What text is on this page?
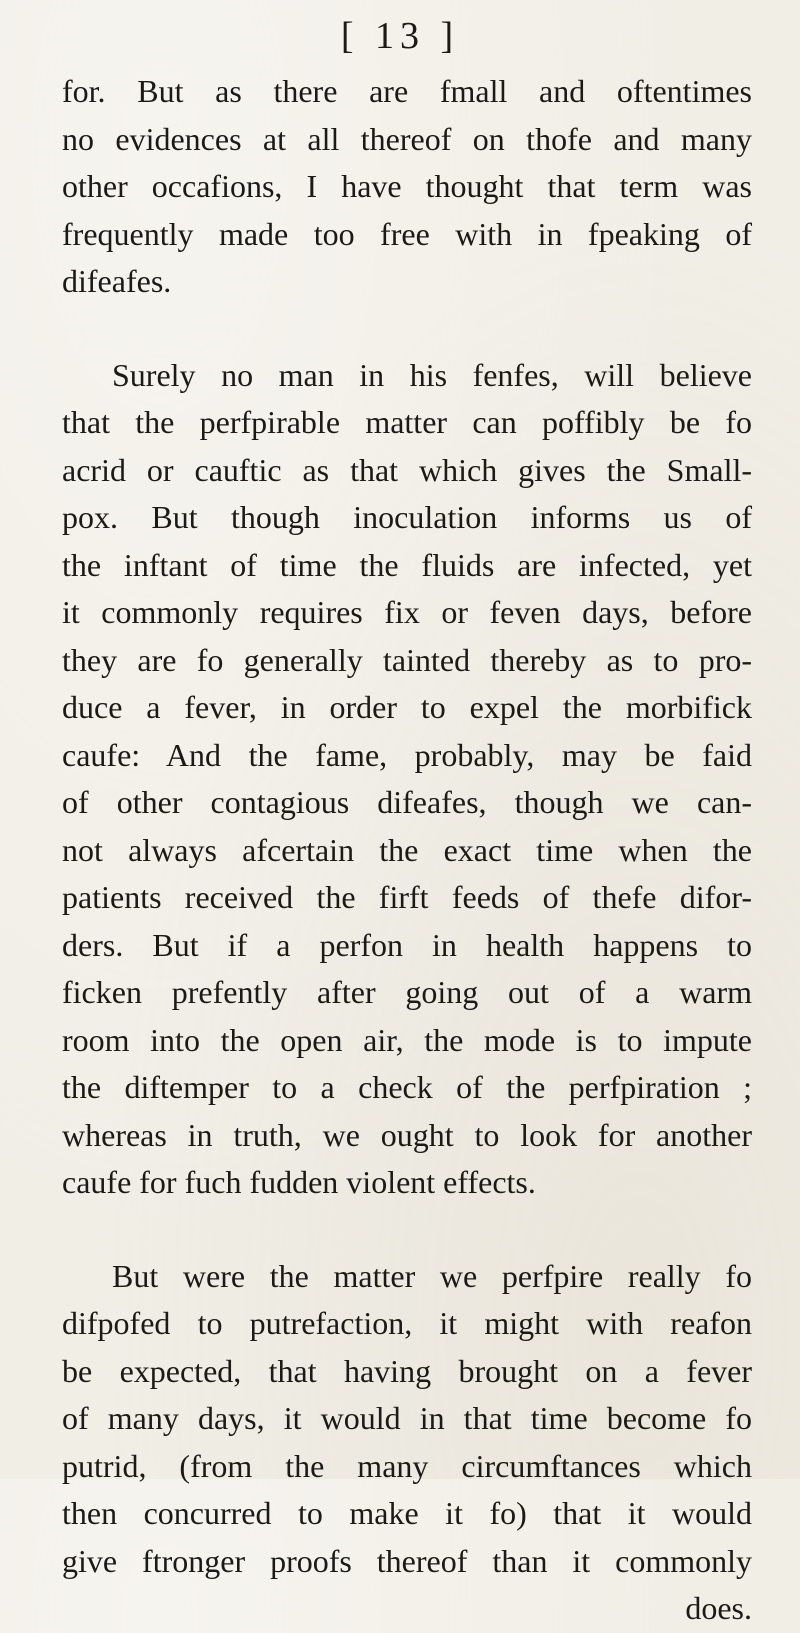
[ 13 ]
for. But as there are fmall and oftentimes
no evidences at all thereof on thofe and many
other occafions, I have thought that term was
frequently made too free with in fpeaking of
difeafes.
Surely no man in his fenfes, will believe
that the perfpirable matter can poffibly be fo
acrid or cauftic as that which gives the Small-
pox. But though inoculation informs us of
the inftant of time the fluids are infected, yet
it commonly requires fix or feven days, before
they are fo generally tainted thereby as to pro-
duce a fever, in order to expel the morbifick
caufe: And the fame, probably, may be faid
of other contagious difeafes, though we can-
not always afcertain the exact time when the
patients received the firft feeds of thefe difor-
ders. But if a perfon in health happens to
ficken prefently after going out of a warm
room into the open air, the mode is to impute
the diftemper to a check of the perfpiration ;
whereas in truth, we ought to look for another
caufe for fuch fudden violent effects.
But were the matter we perfpire really fo
difpofed to putrefaction, it might with reafon
be expected, that having brought on a fever
of many days, it would in that time become fo
putrid, (from the many circumftances which
then concurred to make it fo) that it would
give ftronger proofs thereof than it commonly
does.
